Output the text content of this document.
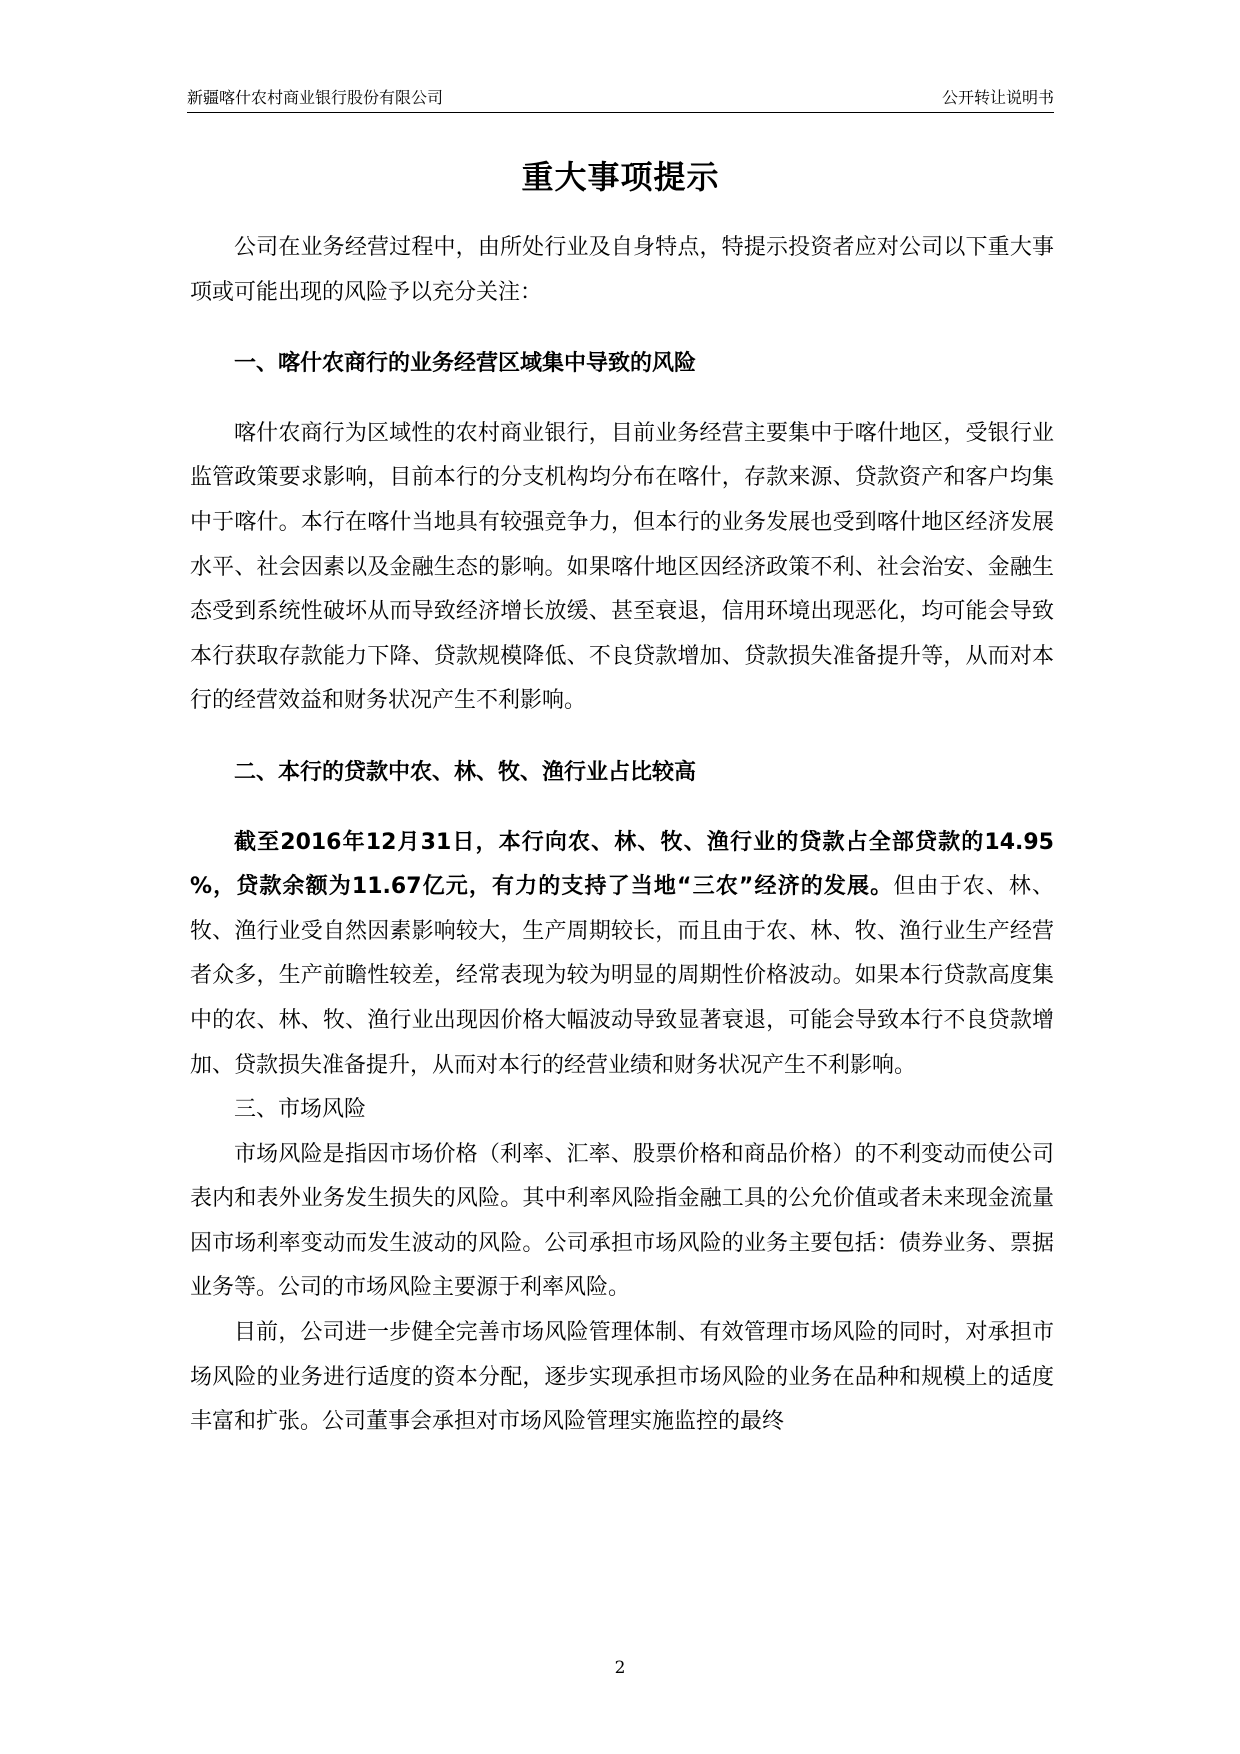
新疆喀什农村商业银行股份有限公司	公开转让说明书
重大事项提示

公司在业务经营过程中，由所处行业及自身特点，特提示投资者应对公司以下重大事项或可能出现的风险予以充分关注：

一、喀什农商行的业务经营区域集中导致的风险

喀什农商行为区域性的农村商业银行，目前业务经营主要集中于喀什地区，受银行业监管政策要求影响，目前本行的分支机构均分布在喀什，存款来源、贷款资产和客户均集中于喀什。本行在喀什当地具有较强竞争力，但本行的业务发展也受到喀什地区经济发展水平、社会因素以及金融生态的影响。如果喀什地区因经济政策不利、社会治安、金融生态受到系统性破坏从而导致经济增长放缓、甚至衰退，信用环境出现恶化，均可能会导致本行获取存款能力下降、贷款规模降低、不良贷款增加、贷款损失准备提升等，从而对本行的经营效益和财务状况产生不利影响。

二、本行的贷款中农、林、牧、渔行业占比较高

截至2016年12月31日，本行向农、林、牧、渔行业的贷款占全部贷款的14.95 %，贷款余额为11.67亿元，有力的支持了当地“三农”经济的发展。但由于农、林、牧、渔行业受自然因素影响较大，生产周期较长，而且由于农、林、牧、渔行业生产经营者众多，生产前瞻性较差，经常表现为较为明显的周期性价格波动。如果本行贷款高度集中的农、林、牧、渔行业出现因价格大幅波动导致显著衰退，可能会导致本行不良贷款增加、贷款损失准备提升，从而对本行的经营业绩和财务状况产生不利影响。

三、市场风险

市场风险是指因市场价格（利率、汇率、股票价格和商品价格）的不利变动而使公司表内和表外业务发生损失的风险。其中利率风险指金融工具的公允价值或者未来现金流量因市场利率变动而发生波动的风险。公司承担市场风险的业务主要包括：债券业务、票据业务等。公司的市场风险主要源于利率风险。

目前，公司进一步健全完善市场风险管理体制、有效管理市场风险的同时，对承担市场风险的业务进行适度的资本分配，逐步实现承担市场风险的业务在品种和规模上的适度丰富和扩张。公司董事会承担对市场风险管理实施监控的最终

2
